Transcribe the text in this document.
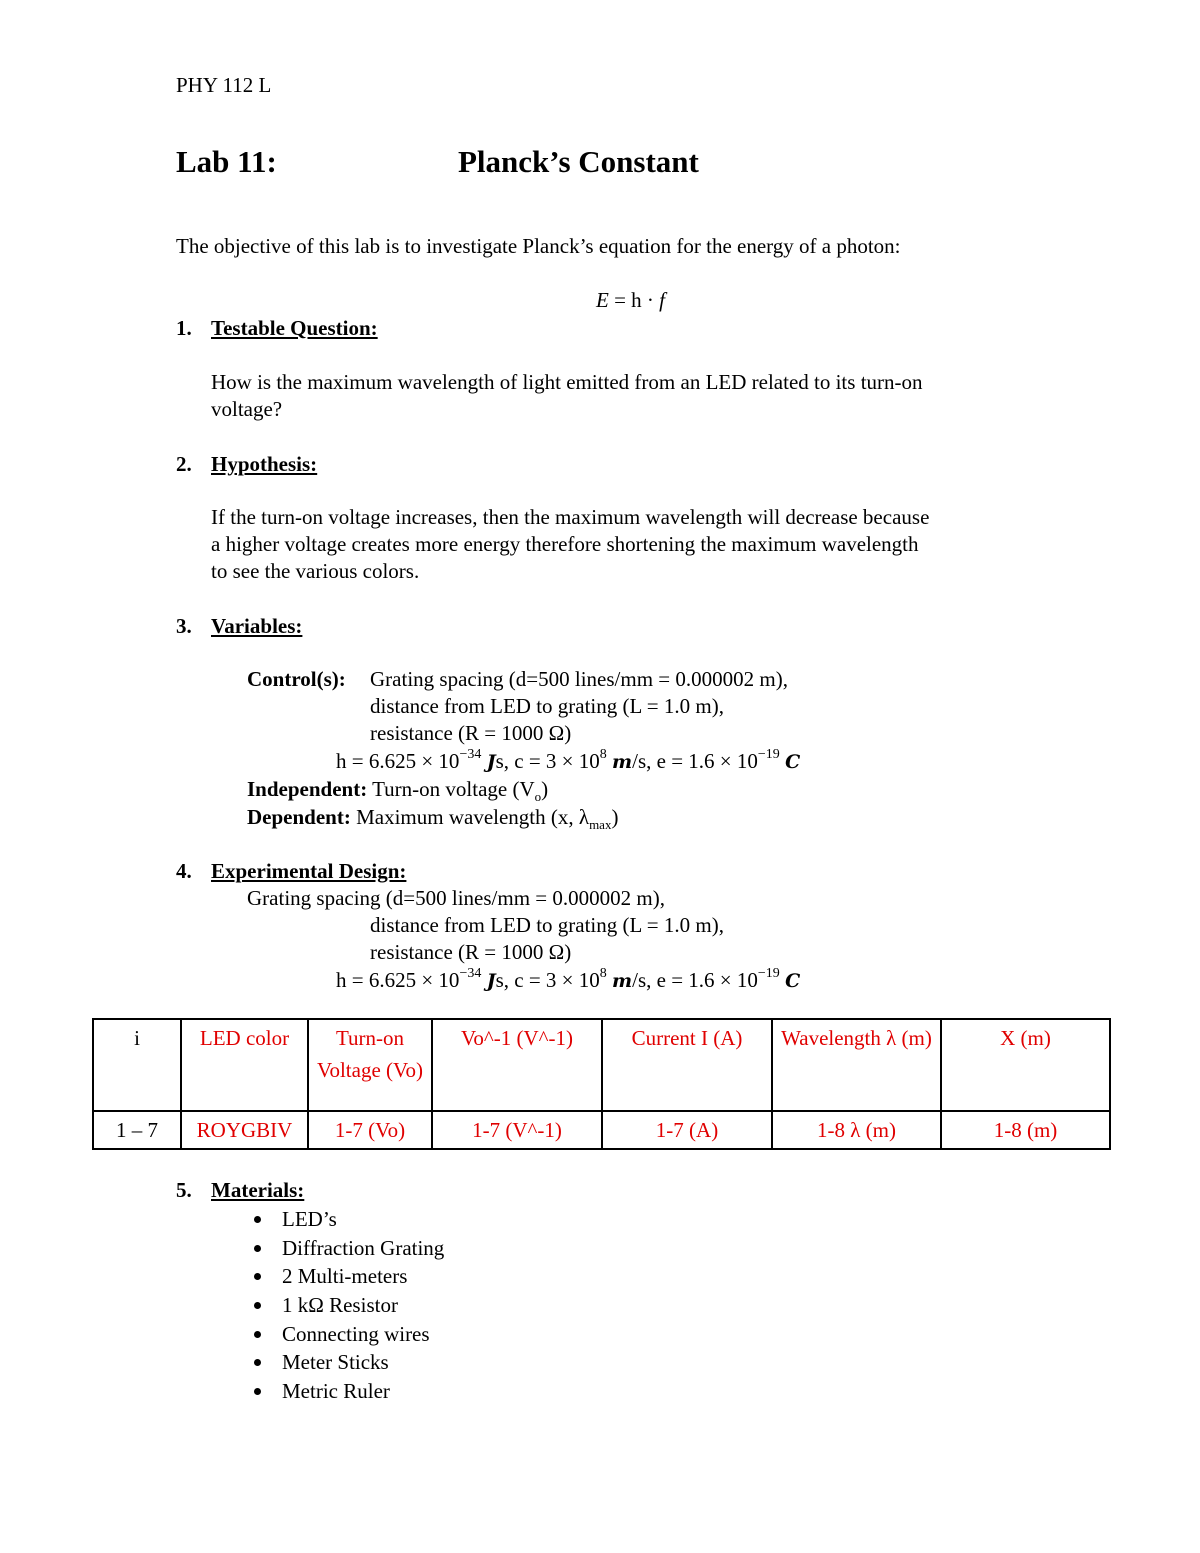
PHY 112 L
Lab 11:	Planck’s Constant
The objective of this lab is to investigate Planck’s equation for the energy of a photon:
E = h · f
1. Testable Question:
How is the maximum wavelength of light emitted from an LED related to its turn-on
voltage?
2. Hypothesis:
If the turn-on voltage increases, then the maximum wavelength will decrease because
a higher voltage creates more energy therefore shortening the maximum wavelength
to see the various colors.
3. Variables:
Control(s): Grating spacing (d=500 lines/mm = 0.000002 m),
distance from LED to grating (L = 1.0 m),
resistance (R = 1000 Ω)
$h = 6.625 \times 10^{-34}$ Js, $c = 3 \times 10^8$ m/s, $e = 1.6 \times 10^{-19}$ C
Independent: Turn-on voltage $(V_o)$
Dependent: Maximum wavelength (x, $\lambda_{max}$)
4. Experimental Design:
Grating spacing (d=500 lines/mm = 0.000002 m),
distance from LED to grating (L = 1.0 m),
resistance (R = 1000 Ω)
$h = 6.625 \times 10^{-34}$ Js, $c = 3 \times 10^8$ m/s, $e = 1.6 \times 10^{-19}$ C
i	LED color	Turn-on Voltage (Vo)	Vo^-1 (V^-1)	Current I (A)	Wavelength λ (m)	X (m)
1 – 7	ROYGBIV	1-7 (Vo)	1-7 (V^-1)	1-7 (A)	1-8 λ (m)	1-8 (m)
5. Materials:
LED’s
Diffraction Grating
2 Multi-meters
1 kΩ Resistor
Connecting wires
Meter Sticks
Metric Ruler
